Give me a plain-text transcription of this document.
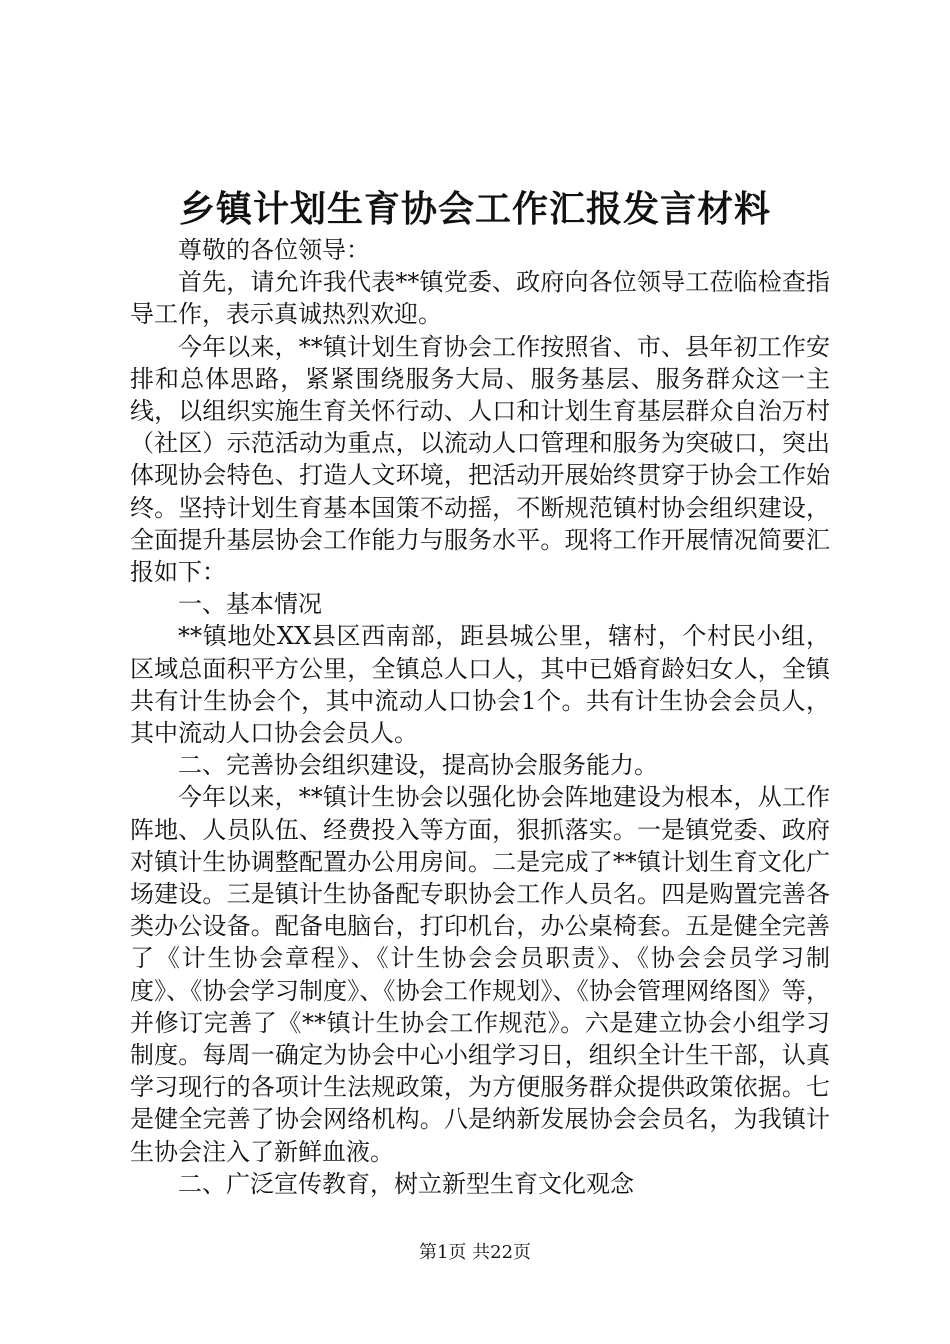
乡镇计划生育协会工作汇报发言材料

尊敬的各位领导：

首先，请允许我代表**镇党委、政府向各位领导工莅临检查指导工作，表示真诚热烈欢迎。

今年以来，**镇计划生育协会工作按照省、市、县年初工作安排和总体思路，紧紧围绕服务大局、服务基层、服务群众这一主线，以组织实施生育关怀行动、人口和计划生育基层群众自治万村（社区）示范活动为重点，以流动人口管理和服务为突破口，突出体现协会特色、打造人文环境，把活动开展始终贯穿于协会工作始终。坚持计划生育基本国策不动摇，不断规范镇村协会组织建设，全面提升基层协会工作能力与服务水平。现将工作开展情况简要汇报如下：

一、基本情况

**镇地处XX县区西南部，距县城公里，辖村，个村民小组，区域总面积平方公里，全镇总人口人，其中已婚育龄妇女人，全镇共有计生协会个，其中流动人口协会1个。共有计生协会会员人，其中流动人口协会会员人。

二、完善协会组织建设，提高协会服务能力。

今年以来，**镇计生协会以强化协会阵地建设为根本，从工作阵地、人员队伍、经费投入等方面，狠抓落实。一是镇党委、政府对镇计生协调整配置办公用房间。二是完成了**镇计划生育文化广场建设。三是镇计生协备配专职协会工作人员名。四是购置完善各类办公设备。配备电脑台，打印机台，办公桌椅套。五是健全完善了《计生协会章程》、《计生协会会员职责》、《协会会员学习制度》、《协会学习制度》、《协会工作规划》、《协会管理网络图》等，并修订完善了《**镇计生协会工作规范》。六是建立协会小组学习制度。每周一确定为协会中心小组学习日，组织全计生干部，认真学习现行的各项计生法规政策，为方便服务群众提供政策依据。七是健全完善了协会网络机构。八是纳新发展协会会员名，为我镇计生协会注入了新鲜血液。

二、广泛宣传教育，树立新型生育文化观念

第1页 共22页
